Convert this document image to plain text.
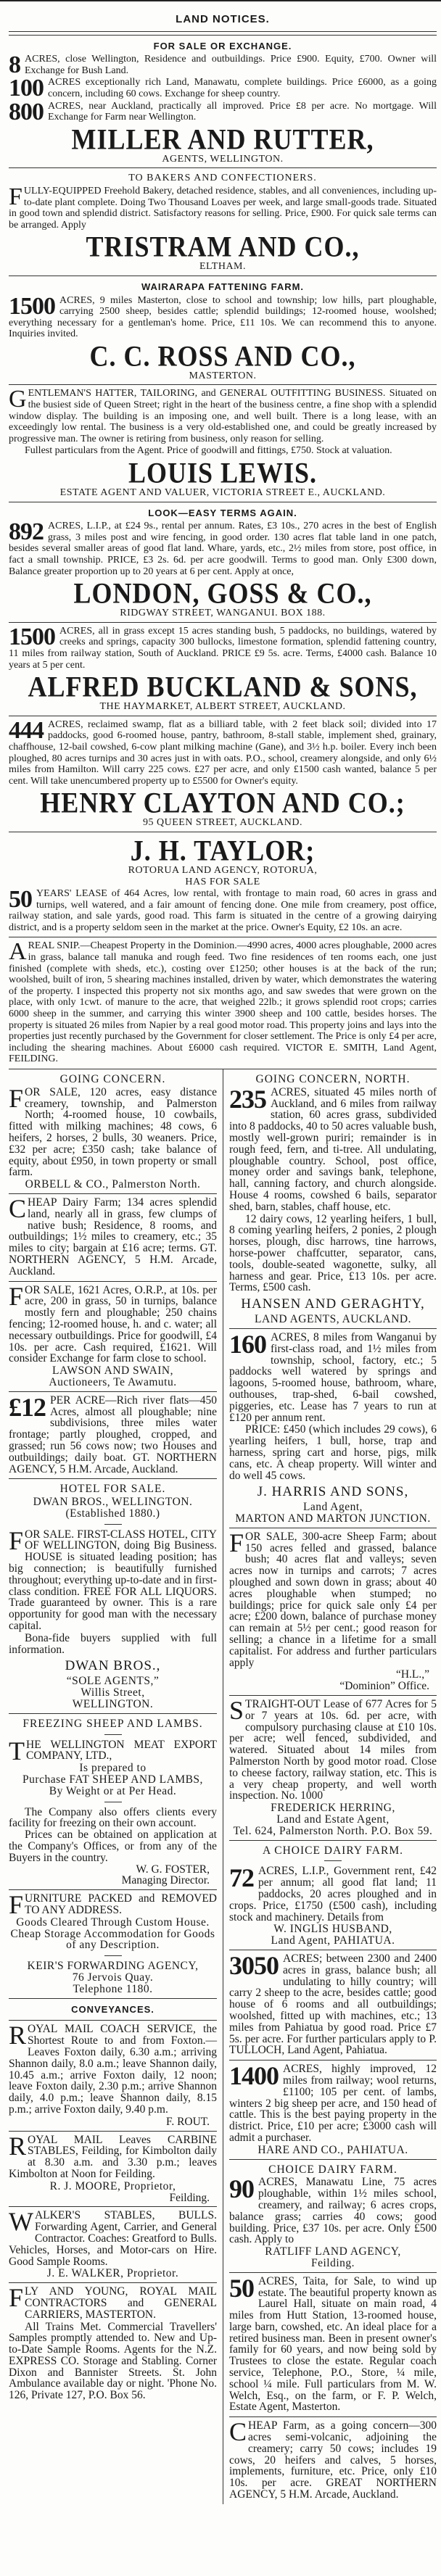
LAND NOTICES.
FOR SALE OR EXCHANGE.

8 ACRES, close Wellington, Residence and outbuildings. Price £900. Equity, £700. Owner will Exchange for Bush Land.

100 ACRES exceptionally rich Land, Manawatu, complete buildings. Price £6000, as a going concern, including 60 cows. Exchange for sheep country.

800 ACRES, near Auckland, practically all improved. Price £8 per acre. No mortgage. Will Exchange for Farm near Wellington.

MILLER AND RUTTER,
AGENTS, WELLINGTON.
TO BAKERS AND CONFECTIONERS.

FULLY-EQUIPPED Freehold Bakery, detached residence, stables, and all conveniences, including up-to-date plant complete. Doing Two Thousand Loaves per week, and large small-goods trade. Situated in good town and splendid district. Satisfactory reasons for selling. Price, £900. For quick sale terms can be arranged. Apply

TRISTRAM AND CO.,
ELTHAM.
WAIRARAPA FATTENING FARM.

1500 ACRES, 9 miles Masterton, close to school and township; low hills, part ploughable, carrying 2500 sheep, besides cattle; splendid buildings; 12-roomed house, woolshed; everything necessary for a gentleman's home. Price, £11 10s. We can recommend this to anyone. Inquiries invited.

C. C. ROSS AND CO.,
MASTERTON.

GENTLEMAN'S HATTER, TAILORING, and GENERAL OUTFITTING BUSINESS. Situated on the busiest side of Queen Street; right in the heart of the business centre, a fine shop with a splendid window display. The building is an imposing one, and well built. There is a long lease, with an exceedingly low rental. The business is a very old-established one, and could be greatly increased by progressive man. The owner is retiring from business, only reason for selling.

Fullest particulars from the Agent. Price of goodwill and fittings, £750. Stock at valuation.

LOUIS LEWIS.
ESTATE AGENT AND VALUER, VICTORIA STREET E., AUCKLAND.
LOOK—EASY TERMS AGAIN.

892 ACRES, L.I.P., at £24 9s., rental per annum. Rates, £3 10s., 270 acres in the best of English grass, 3 miles post and wire fencing, in good order. 130 acres flat table land in one patch, besides several smaller areas of good flat land. Whare, yards, etc., 2½ miles from store, post office, in fact a small township. PRICE, £3 2s. 6d. per acre goodwill. Terms to good man. Only £300 down, Balance greater proportion up to 20 years at 6 per cent. Apply at once,

LONDON, GOSS & CO.,
RIDGWAY STREET, WANGANUI. BOX 188.

1500 ACRES, all in grass except 15 acres standing bush, 5 paddocks, no buildings, watered by creeks and springs, capacity 300 bullocks, limestone formation, splendid fattening country, 11 miles from railway station, South of Auckland. PRICE £9 5s. acre. Terms, £4000 cash. Balance 10 years at 5 per cent.

ALFRED BUCKLAND & SONS,
THE HAYMARKET, ALBERT STREET, AUCKLAND.

444 ACRES, reclaimed swamp, flat as a billiard table, with 2 feet black soil; divided into 17 paddocks, good 6-roomed house, pantry, bathroom, 8-stall stable, implement shed, grainary, chaffhouse, 12-bail cowshed, 6-cow plant milking machine (Gane), and 3½ h.p. boiler. Every inch been ploughed, 80 acres turnips and 30 acres just in with oats. P.O., school, creamery alongside, and only 6½ miles from Hamilton. Will carry 225 cows. £27 per acre, and only £1500 cash wanted, balance 5 per cent. Will take unencumbered property up to £5500 for Owner's equity.

HENRY CLAYTON AND CO.;
95 QUEEN STREET, AUCKLAND.
J. H. TAYLOR;
ROTORUA LAND AGENCY, ROTORUA,
HAS FOR SALE

50 YEARS' LEASE of 464 Acres, low rental, with frontage to main road, 60 acres in grass and turnips, well watered, and a fair amount of fencing done. One mile from creamery, post office, railway station, and sale yards, good road. This farm is situated in the centre of a growing dairying district, and is a property seldom seen in the market at the price. Owner's Equity, £2 10s. an acre.

A REAL SNIP.—Cheapest Property in the Dominion.—4990 acres, 4000 acres ploughable, 2000 acres in grass, balance tall manuka and rough feed. Two fine residences of ten rooms each, one just finished (complete with sheds, etc.), costing over £1250; other houses is at the back of the run; woolshed, built of iron, 5 shearing machines installed, driven by water, which demonstrates the watering of the property. I inspected this property not six months ago, and saw swedes that were grown on the place, with only 1cwt. of manure to the acre, that weighed 22lb.; it grows splendid root crops; carries 6000 sheep in the summer, and carrying this winter 3900 sheep and 100 cattle, besides horses. The property is situated 26 miles from Napier by a real good motor road. This property joins and lays into the properties just recently purchased by the Government for closer settlement. The Price is only £4 per acre, including the shearing machines. About £6000 cash required. VICTOR E. SMITH, Land Agent, FEILDING.

GOING CONCERN.

FOR SALE, 120 acres, easy distance creamery, township, and Palmerston North; 4-roomed house, 10 cowbails, fitted with milking machines; 48 cows, 6 heifers, 2 horses, 2 bulls, 30 weaners. Price, £32 per acre; £350 cash; take balance of equity, about £950, in town property or small farm.

ORBELL & CO., Palmerston North.

CHEAP Dairy Farm; 134 acres splendid land, nearly all in grass, few clumps of native bush; Residence, 8 rooms, and outbuildings; 1½ miles to creamery, etc.; 35 miles to city; bargain at £16 acre; terms. GT. NORTHERN AGENCY, 5 H.M. Arcade, Auckland.

FOR SALE, 1621 Acres, O.R.P., at 10s. per acre, 200 in grass, 50 in turnips, balance mostly fern and ploughable; 250 chains fencing; 12-roomed house, h. and c. water; all necessary outbuildings. Price for goodwill, £4 10s. per acre. Cash required, £1621. Will consider Exchange for farm close to school.

LAWSON AND SWAIN,
Auctioneers, Te Awamutu.

£12 PER ACRE—Rich river flats—450 Acres, almost all ploughable; nine subdivisions, three miles water frontage; partly ploughed, cropped, and grassed; run 56 cows now; two Houses and outbuildings; daily boat. GT. NORTHERN AGENCY, 5 H.M. Arcade, Auckland.

HOTEL FOR SALE.
DWAN BROS., WELLINGTON.
(Established 1880.)

FOR SALE. FIRST-CLASS HOTEL, CITY OF WELLINGTON, doing Big Business. HOUSE is situated leading position; has big connection; is beautifully furnished throughout; everything up-to-date and in first-class condition. FREE FOR ALL LIQUORS. Trade guaranteed by owner. This is a rare opportunity for good man with the necessary capital.

Bona-fide buyers supplied with full information.

DWAN BROS.,
“SOLE AGENTS,”
Willis Street,
WELLINGTON.
FREEZING SHEEP AND LAMBS.

THE WELLINGTON MEAT EXPORT COMPANY, LTD.,

Is prepared to
Purchase FAT SHEEP AND LAMBS,
By Weight or at Per Head.

The Company also offers clients every facility for freezing on their own account.

Prices can be obtained on application at the Company's Offices, or from any of the Buyers in the country.

W. G. FOSTER,
Managing Director.

FURNITURE PACKED and REMOVED TO ANY ADDRESS.

Goods Cleared Through Custom House. Cheap Storage Accommodation for Goods of any Description.
KEIR'S FORWARDING AGENCY,
76 Jervois Quay.
Telephone 1180.
CONVEYANCES.

ROYAL MAIL COACH SERVICE, the Shortest Route to and from Foxton.—Leaves Foxton daily, 6.30 a.m.; arriving Shannon daily, 8.0 a.m.; leave Shannon daily, 10.45 a.m.; arrive Foxton daily, 12 noon; leave Foxton daily, 2.30 p.m.; arrive Shannon daily, 4.0 p.m.; leave Shannon daily, 8.15 p.m.; arrive Foxton daily, 9.40 p.m.

F. ROUT.

ROYAL MAIL Leaves CARBINE STABLES, Feilding, for Kimbolton daily at 8.30 a.m. and 3.30 p.m.; leaves Kimbolton at Noon for Feilding.

R. J. MOORE, Proprietor,
Feilding.

WALKER'S STABLES, BULLS. Forwarding Agent, Carrier, and General Contractor. Coaches: Greatford to Bulls. Vehicles, Horses, and Motor-cars on Hire. Good Sample Rooms.

J. E. WALKER, Proprietor.

FLY AND YOUNG, ROYAL MAIL CONTRACTORS and GENERAL CARRIERS, MASTERTON.

All Trains Met. Commercial Travellers' Samples promptly attended to. New and Up-to-Date Sample Rooms. Agents for the N.Z. EXPRESS CO. Storage and Stabling. Corner Dixon and Bannister Streets. St. John Ambulance available day or night. 'Phone No. 126, Private 127, P.O. Box 56.

GOING CONCERN, NORTH.

235 ACRES, situated 45 miles north of Auckland, and 6 miles from railway station, 60 acres grass, subdivided into 8 paddocks, 40 to 50 acres valuable bush, mostly well-grown puriri; remainder is in rough feed, fern, and ti-tree. All undulating, ploughable country. School, post office, money order and savings bank, telephone, hall, canning factory, and church alongside. House 4 rooms, cowshed 6 bails, separator shed, barn, stables, chaff house, etc.

12 dairy cows, 12 yearling heifers, 1 bull, 8 coming yearling heifers, 2 ponies, 2 plough horses, plough, disc harrows, tine harrows, horse-power chaffcutter, separator, cans, tools, double-seated wagonette, sulky, all harness and gear. Price, £13 10s. per acre. Terms, £500 cash.

HANSEN AND GERAGHTY,
LAND AGENTS, AUCKLAND.

160 ACRES, 8 miles from Wanganui by first-class road, and 1½ miles from township, school, factory, etc.; 5 paddocks well watered by springs and lagoons, 5-roomed house, bathroom, whare, outhouses, trap-shed, 6-bail cowshed, piggeries, etc. Lease has 7 years to run at £120 per annum rent.

PRICE: £450 (which includes 29 cows), 6 yearling heifers, 1 bull, horse, trap and harness, spring cart and horse, pigs, milk cans, etc. A cheap property. Will winter and do well 45 cows.

J. HARRIS AND SONS,
Land Agent,
MARTON AND MARTON JUNCTION.

FOR SALE, 300-acre Sheep Farm; about 150 acres felled and grassed, balance bush; 40 acres flat and valleys; seven acres now in turnips and carrots; 7 acres ploughed and sown down in grass; about 40 acres ploughable when stumped; no buildings; price for quick sale only £4 per acre; £200 down, balance of purchase money can remain at 5½ per cent.; good reason for selling; a chance in a lifetime for a small capitalist. For address and further particulars apply

“H.L.,”
“Dominion” Office.

STRAIGHT-OUT Lease of 677 Acres for 5 or 7 years at 10s. 6d. per acre, with compulsory purchasing clause at £10 10s. per acre; well fenced, subdivided, and watered. Situated about 14 miles from Palmerston North by good motor road. Close to cheese factory, railway station, etc. This is a very cheap property, and well worth inspection. No. 1000

FREDERICK HERRING,
Land and Estate Agent,
Tel. 624, Palmerston North. P.O. Box 59.
A CHOICE DAIRY FARM.

72 ACRES, L.I.P., Government rent, £42 per annum; all good flat land; 11 paddocks, 20 acres ploughed and in crops. Price, £1750 (£500 cash), including stock and machinery. Details from

W. INGLIS HUSBAND,
Land Agent, PAHIATUA.

3050 ACRES; between 2300 and 2400 acres in grass, balance bush; all undulating to hilly country; will carry 2 sheep to the acre, besides cattle; good house of 6 rooms and all outbuildings; woolshed, fitted up with machines, etc.; 13 miles from Pahiatua by good road. Price £7 5s. per acre. For further particulars apply to P. TULLOCH, Land Agent, Pahiatua.

1400 ACRES, highly improved, 12 miles from railway; wool returns, £1100; 105 per cent. of lambs, winters 2 big sheep per acre, and 150 head of cattle. This is the best paying property in the district. Price, £10 per acre; £3000 cash will admit a purchaser.

HARE AND CO., PAHIATUA.
CHOICE DAIRY FARM.

90 ACRES, Manawatu Line, 75 acres ploughable, within 1½ miles school, creamery, and railway; 6 acres crops, balance grass; carries 40 cows; good building. Price, £37 10s. per acre. Only £500 cash. Apply to

RATLIFF LAND AGENCY,
Feilding.

50 ACRES, Taita, for Sale, to wind up estate. The beautiful property known as Laurel Hall, situate on main road, 4 miles from Hutt Station, 13-roomed house, large barn, cowshed, etc. An ideal place for a retired business man. Been in present owner's family for 60 years, and now being sold by Trustees to close the estate. Regular coach service, Telephone, P.O., Store, ¼ mile, school ¼ mile. Full particulars from M. W. Welch, Esq., on the farm, or F. P. Welch, Estate Agent, Masterton.

CHEAP Farm, as a going concern—300 acres semi-volcanic, adjoining the creamery; carry 50 cows; includes 19 cows, 20 heifers and calves, 5 horses, implements, furniture, etc. Price, only £10 10s. per acre. GREAT NORTHERN AGENCY, 5 H.M. Arcade, Auckland.
